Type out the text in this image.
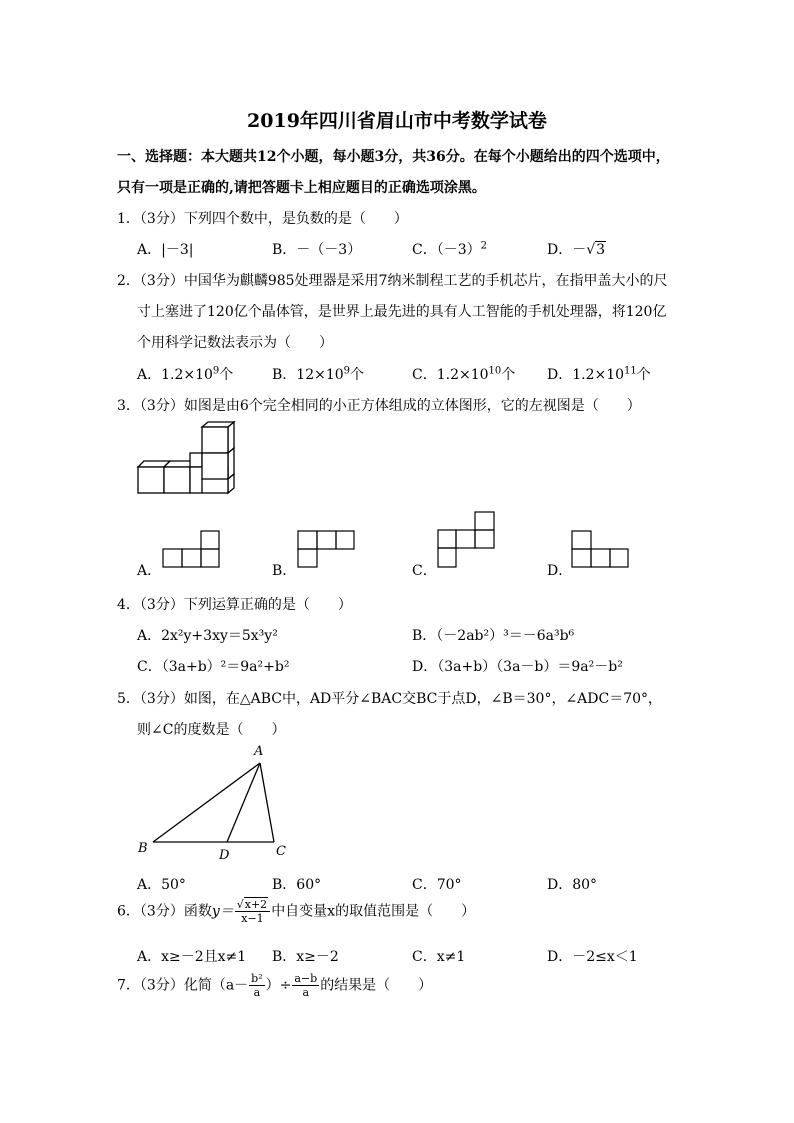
2019年四川省眉山市中考数学试卷
一、选择题：本大题共12个小题，每小题3分，共36分。在每个小题给出的四个选项中，
只有一项是正确的,请把答题卡上相应题目的正确选项涂黑。
1．（3分）下列四个数中，是负数的是（　　）
A．|－3|	B．－（－3）	C．$(-3)^2$	D．－√3
2．（3分）中国华为麒麟985处理器是采用7纳米制程工艺的手机芯片，在指甲盖大小的尺
寸上塞进了120亿个晶体管，是世界上最先进的具有人工智能的手机处理器，将120亿
个用科学记数法表示为（　　）
A．$1.2\times 10^9$个	B．$12\times 10^9$个	C．$1.2\times 10^{10}$个 D．$1.2\times 10^{11}$个
3．（3分）如图是由6个完全相同的小正方体组成的立体图形，它的左视图是（　　）
A．	B．	C．	D．
4．（3分）下列运算正确的是（　　）
A．2x²y+3xy＝5x³y²	B．（－2ab²）³＝－6a³b⁶
C．（3a+b）²＝9a²+b²	D．（3a+b）（3a－b）＝9a²－b²
5．（3分）如图，在△ABC中，AD平分∠BAC交BC于点D，∠B＝30°，∠ADC＝70°，
则∠C的度数是（　　）
A
B	C
D
A．50°	B．60°	C．70°	D．80°
6．（3分）函数$y= \frac{√x+2}{x-1}$ 中自变量x的取值范围是（　　）
A．x≥－2且x≠1 B．x≥－2	C．x≠1	D．－2≤x＜1
7．（3分）化简（$a- \frac{\text{b²}}{a}$ ）÷ $\frac{a-b}{a}$ 的结果是（　　）
